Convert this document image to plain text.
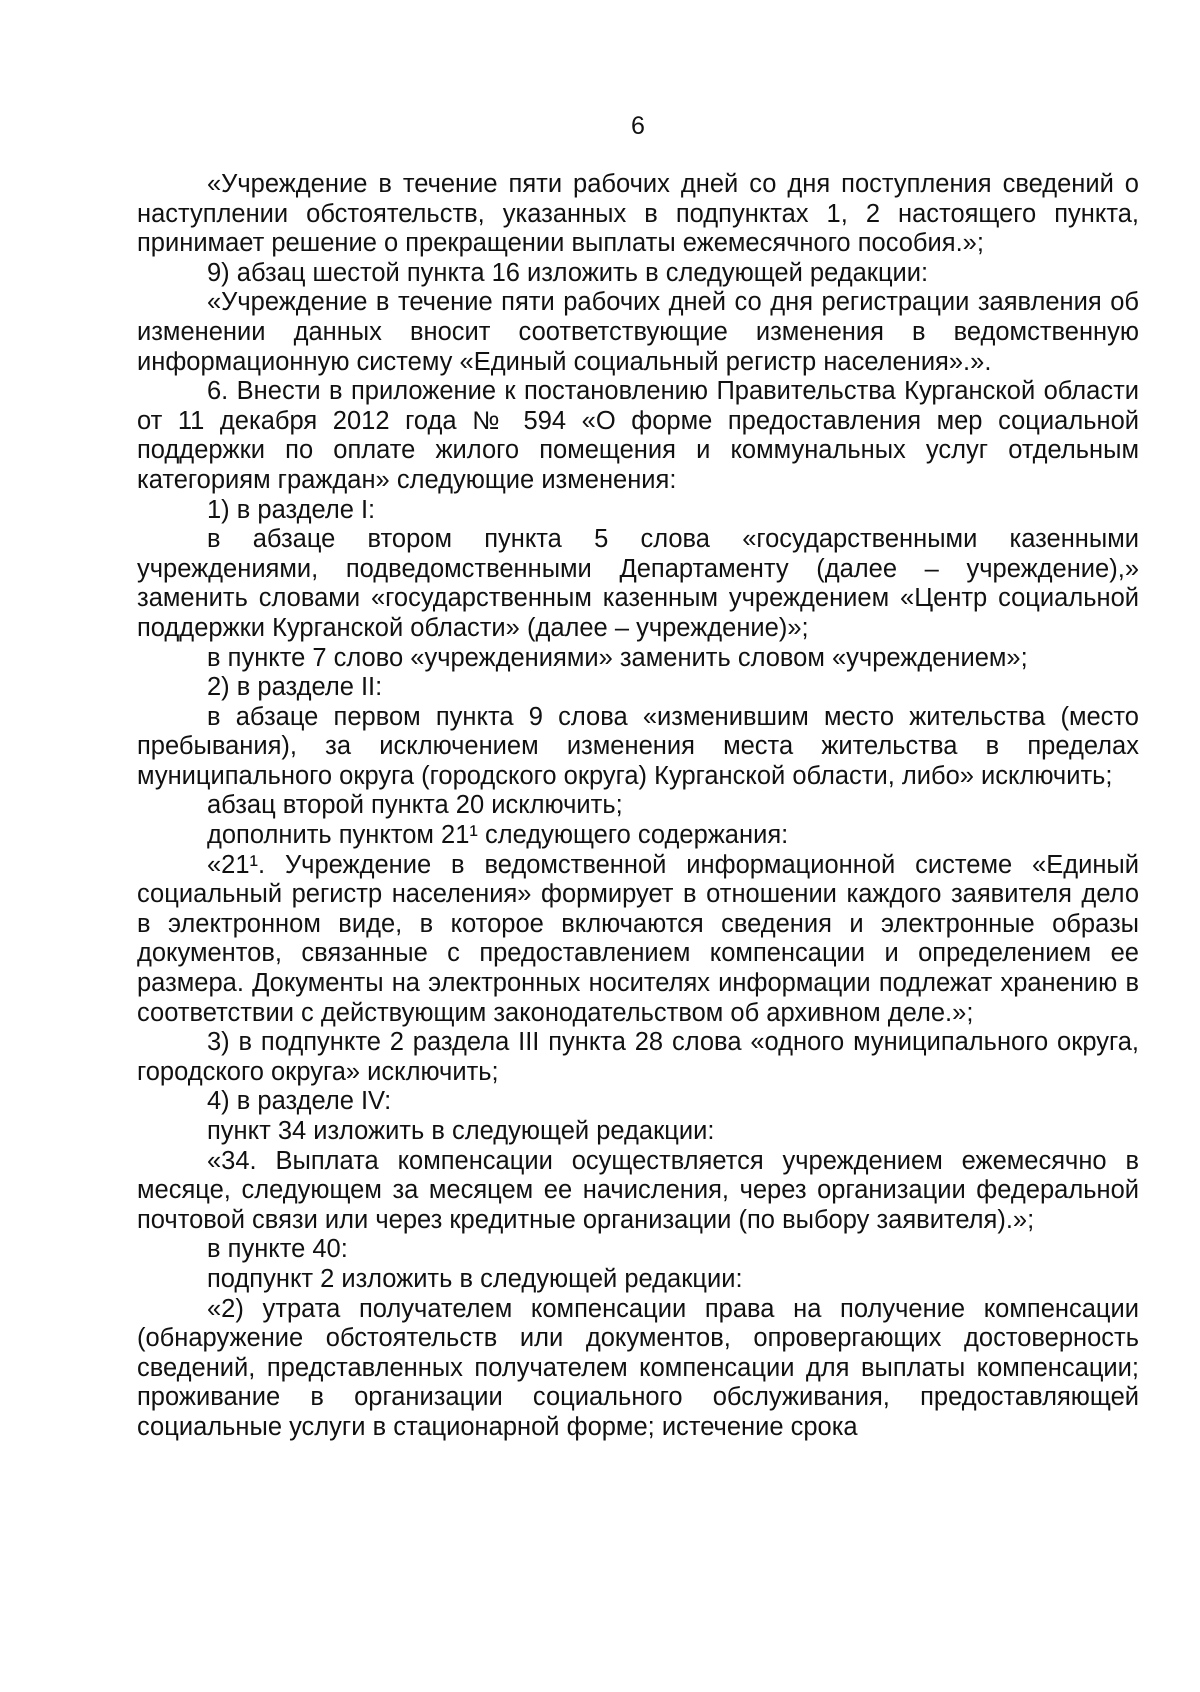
6

«Учреждение в течение пяти рабочих дней со дня поступления сведений о наступлении обстоятельств, указанных в подпунктах 1, 2 настоящего пункта, принимает решение о прекращении выплаты ежемесячного пособия.»;

9) абзац шестой пункта 16 изложить в следующей редакции:

«Учреждение в течение пяти рабочих дней со дня регистрации заявления об изменении данных вносит соответствующие изменения в ведомственную информационную систему «Единый социальный регистр населения».».

6. Внести в приложение к постановлению Правительства Курганской области от 11 декабря 2012 года № 594 «О форме предоставления мер социальной поддержки по оплате жилого помещения и коммунальных услуг отдельным категориям граждан» следующие изменения:

1) в разделе I:

в абзаце втором пункта 5 слова «государственными казенными учреждениями, подведомственными Департаменту (далее – учреждение),» заменить словами «государственным казенным учреждением «Центр социальной поддержки Курганской области» (далее – учреждение)»;

в пункте 7 слово «учреждениями» заменить словом «учреждением»;

2) в разделе II:

в абзаце первом пункта 9 слова «изменившим место жительства (место пребывания), за исключением изменения места жительства в пределах муниципального округа (городского округа) Курганской области, либо» исключить;

абзац второй пункта 20 исключить;

дополнить пунктом 21¹ следующего содержания:

«21¹. Учреждение в ведомственной информационной системе «Единый социальный регистр населения» формирует в отношении каждого заявителя дело в электронном виде, в которое включаются сведения и электронные образы документов, связанные с предоставлением компенсации и определением ее размера. Документы на электронных носителях информации подлежат хранению в соответствии с действующим законодательством об архивном деле.»;

3) в подпункте 2 раздела III пункта 28 слова «одного муниципального округа, городского округа» исключить;

4) в разделе IV:

пункт 34 изложить в следующей редакции:

«34. Выплата компенсации осуществляется учреждением ежемесячно в месяце, следующем за месяцем ее начисления, через организации федеральной почтовой связи или через кредитные организации (по выбору заявителя).»;

в пункте 40:

подпункт 2 изложить в следующей редакции:

«2) утрата получателем компенсации права на получение компенсации (обнаружение обстоятельств или документов, опровергающих достоверность сведений, представленных получателем компенсации для выплаты компенсации; проживание в организации социального обслуживания, предоставляющей социальные услуги в стационарной форме; истечение срока
